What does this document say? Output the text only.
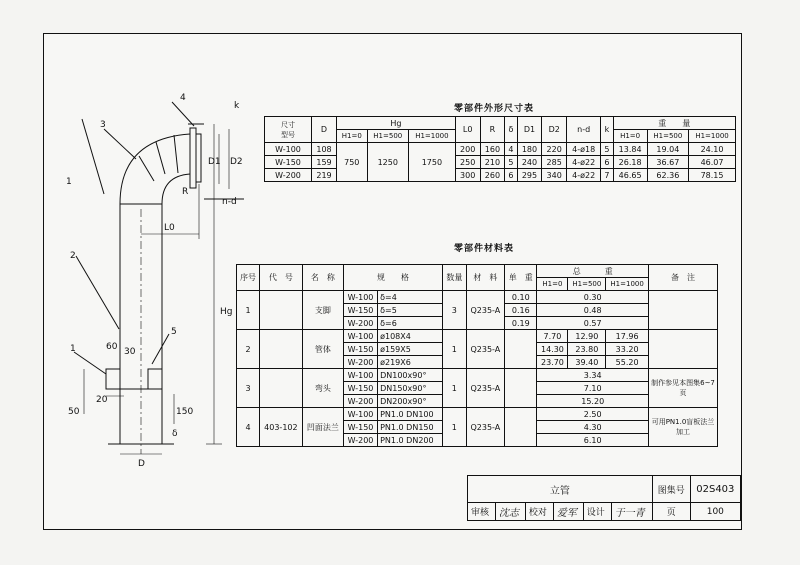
4
3
1
2
1
5
L0
Hg
D1 D2
R
n-d
k
D
δ
60
50
20
150
30
零部件外形尺寸表
尺寸
型号	D	Hg			L0	R	δ	D1	D2	n-d	k	重　　量		
		H1=0	H1=500	H1=1000								H1=0	H1=500	H1=1000
W-100	108	750	1250	1750	200	160	4	180	220	4-ø18	5	13.84	19.04	24.10
W-150	159				250	210	5	240	285	4-ø22	6	26.18	36.67	46.07
W-200	219				300	260	6	295	340	4-ø22	7	46.65	62.36	78.15
零部件材料表
序号	代　号	名　称	规　　格		数量	材　料	单　重	总　　　重			备　注
								H1=0	H1=500	H1=1000	
1		支脚	W-100	δ=4	3	Q235-A	0.10	0.30			
			W-150	δ=5			0.16	0.48			
			W-200	δ=6			0.19	0.57			
2		管体	W-100	ø108X4	1	Q235-A		7.70	12.90	17.96	
			W-150	ø159X5				14.30	23.80	33.20	
			W-200	ø219X6				23.70	39.40	55.20	
3		弯头	W-100	DN100x90°	1	Q235-A		3.34			制作参见本图集6~7页
			W-150	DN150x90°				7.10			
			W-200	DN200x90°				15.20			
4	403-102	凹面法兰	W-100	PN1.0 DN100	1	Q235-A		2.50			可用PN1.0盲板法兰加工
			W-150	PN1.0 DN150				4.30			
			W-200	PN1.0 DN200				6.10			
立管						图集号	02S403
审核	沈志	校对	爱军	设计	于一青	页	100
